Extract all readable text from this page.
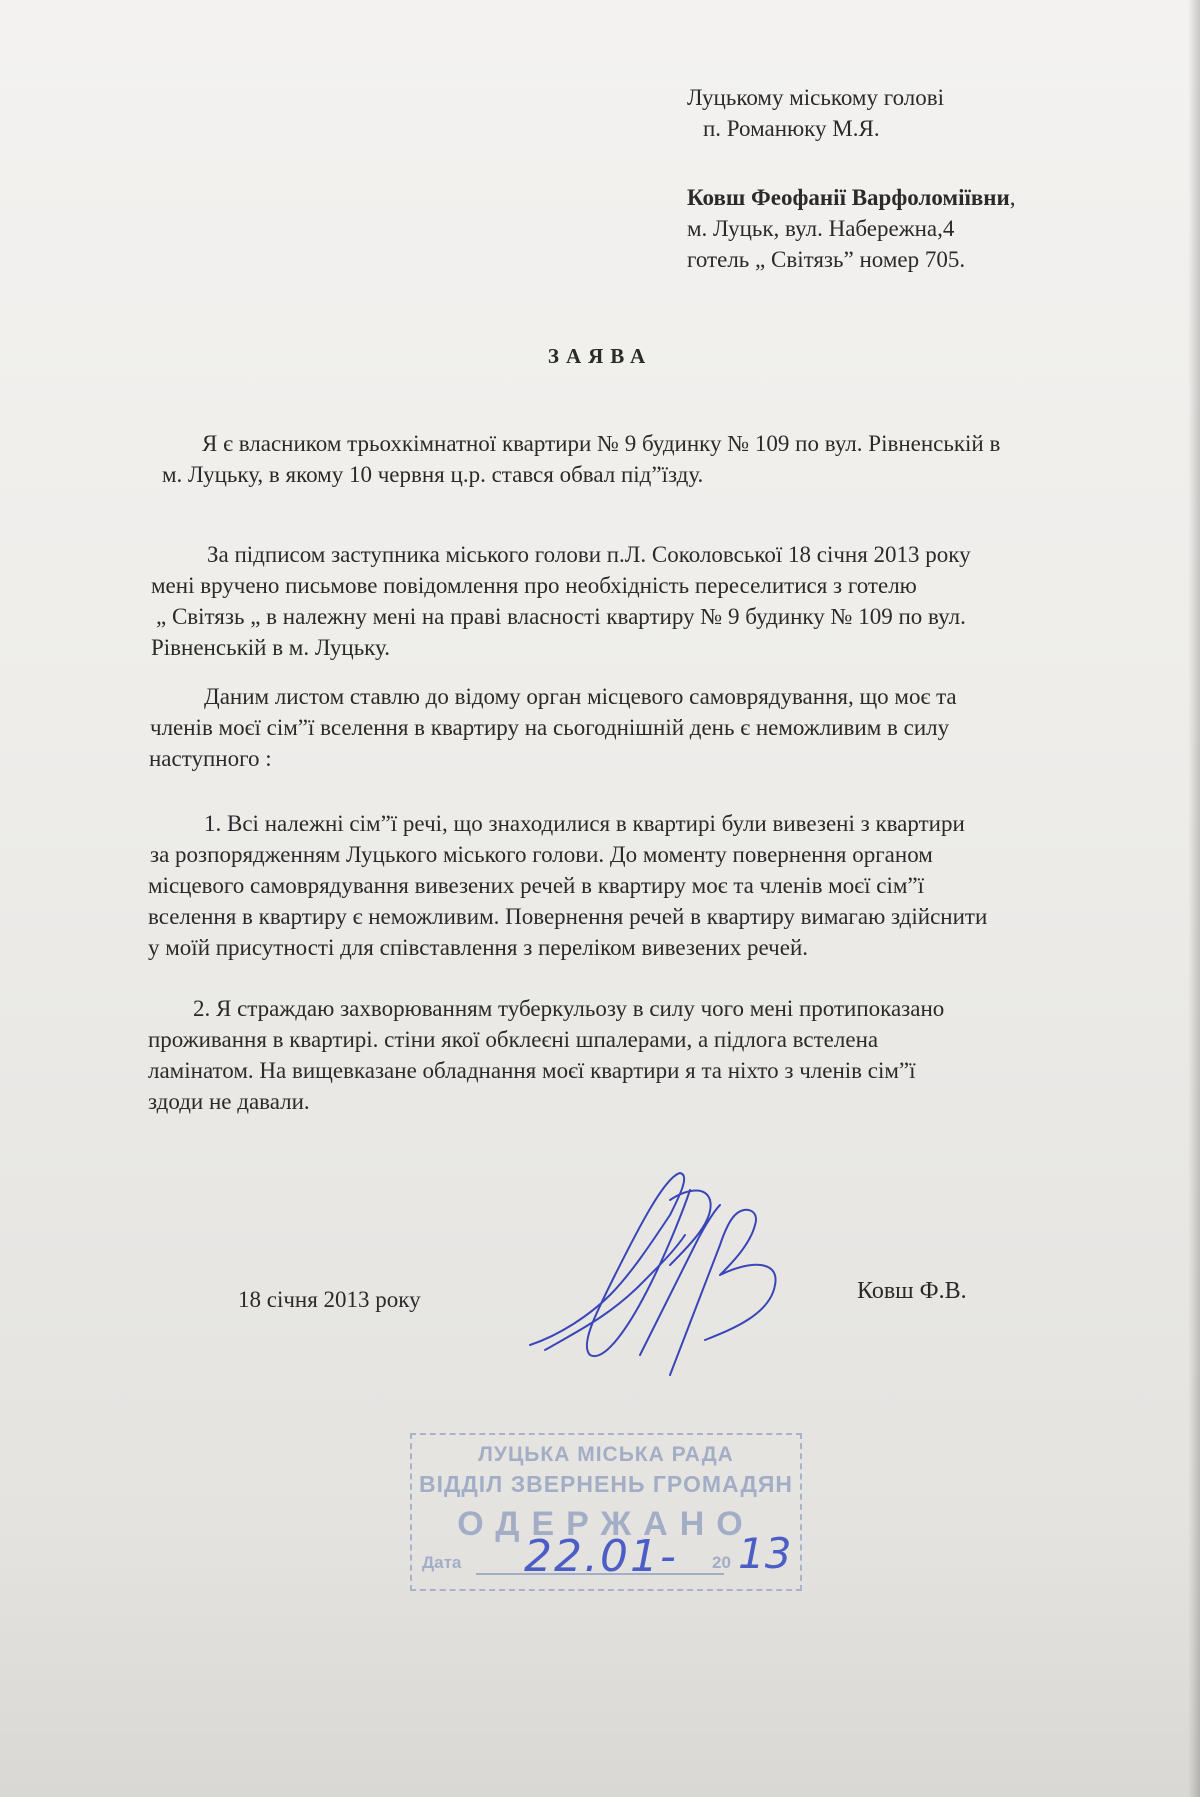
Луцькому міському голові
п. Романюку М.Я.
Ковш Феофанії Варфоломіївни,
м. Луцьк, вул. Набережна,4
готель „ Світязь” номер 705.
ЗАЯВА
Я є власником трьохкімнатної квартири № 9 будинку № 109 по вул. Рівненській в
м. Луцьку, в якому 10 червня ц.р. стався обвал під”їзду.
За підписом заступника міського голови п.Л. Соколовської 18 січня 2013 року
мені вручено письмове повідомлення про необхідність переселитися з готелю
„ Світязь „ в належну мені на праві власності квартиру № 9 будинку № 109 по вул.
Рівненській в м. Луцьку.
Даним листом ставлю до відому орган місцевого самоврядування, що моє та
членів моєї сім”ї вселення в квартиру на сьогоднішній день є неможливим в силу
наступного :
1. Всі належні сім”ї речі, що знаходилися в квартирі були вивезені з квартири
за розпорядженням Луцького міського голови. До моменту повернення органом
місцевого самоврядування вивезених речей в квартиру моє та членів моєї сім”ї
вселення в квартиру є неможливим. Повернення речей в квартиру вимагаю здійснити
у моїй присутності для співставлення з переліком вивезених речей.
2. Я страждаю захворюванням туберкульозу в силу чого мені протипоказано
проживання в квартирі. стіни якої обклеєні шпалерами, а підлога встелена
ламінатом. На вищевказане обладнання моєї квартири я та ніхто з членів сім”ї
здоди не давали.
18 січня 2013 року	Ковш Ф.В.
ЛУЦЬКА МІСЬКА РАДА
ВІДДІЛ ЗВЕРНЕНЬ ГРОМАДЯН
ОДЕРЖАНО
Дата	20
22.01- 13
